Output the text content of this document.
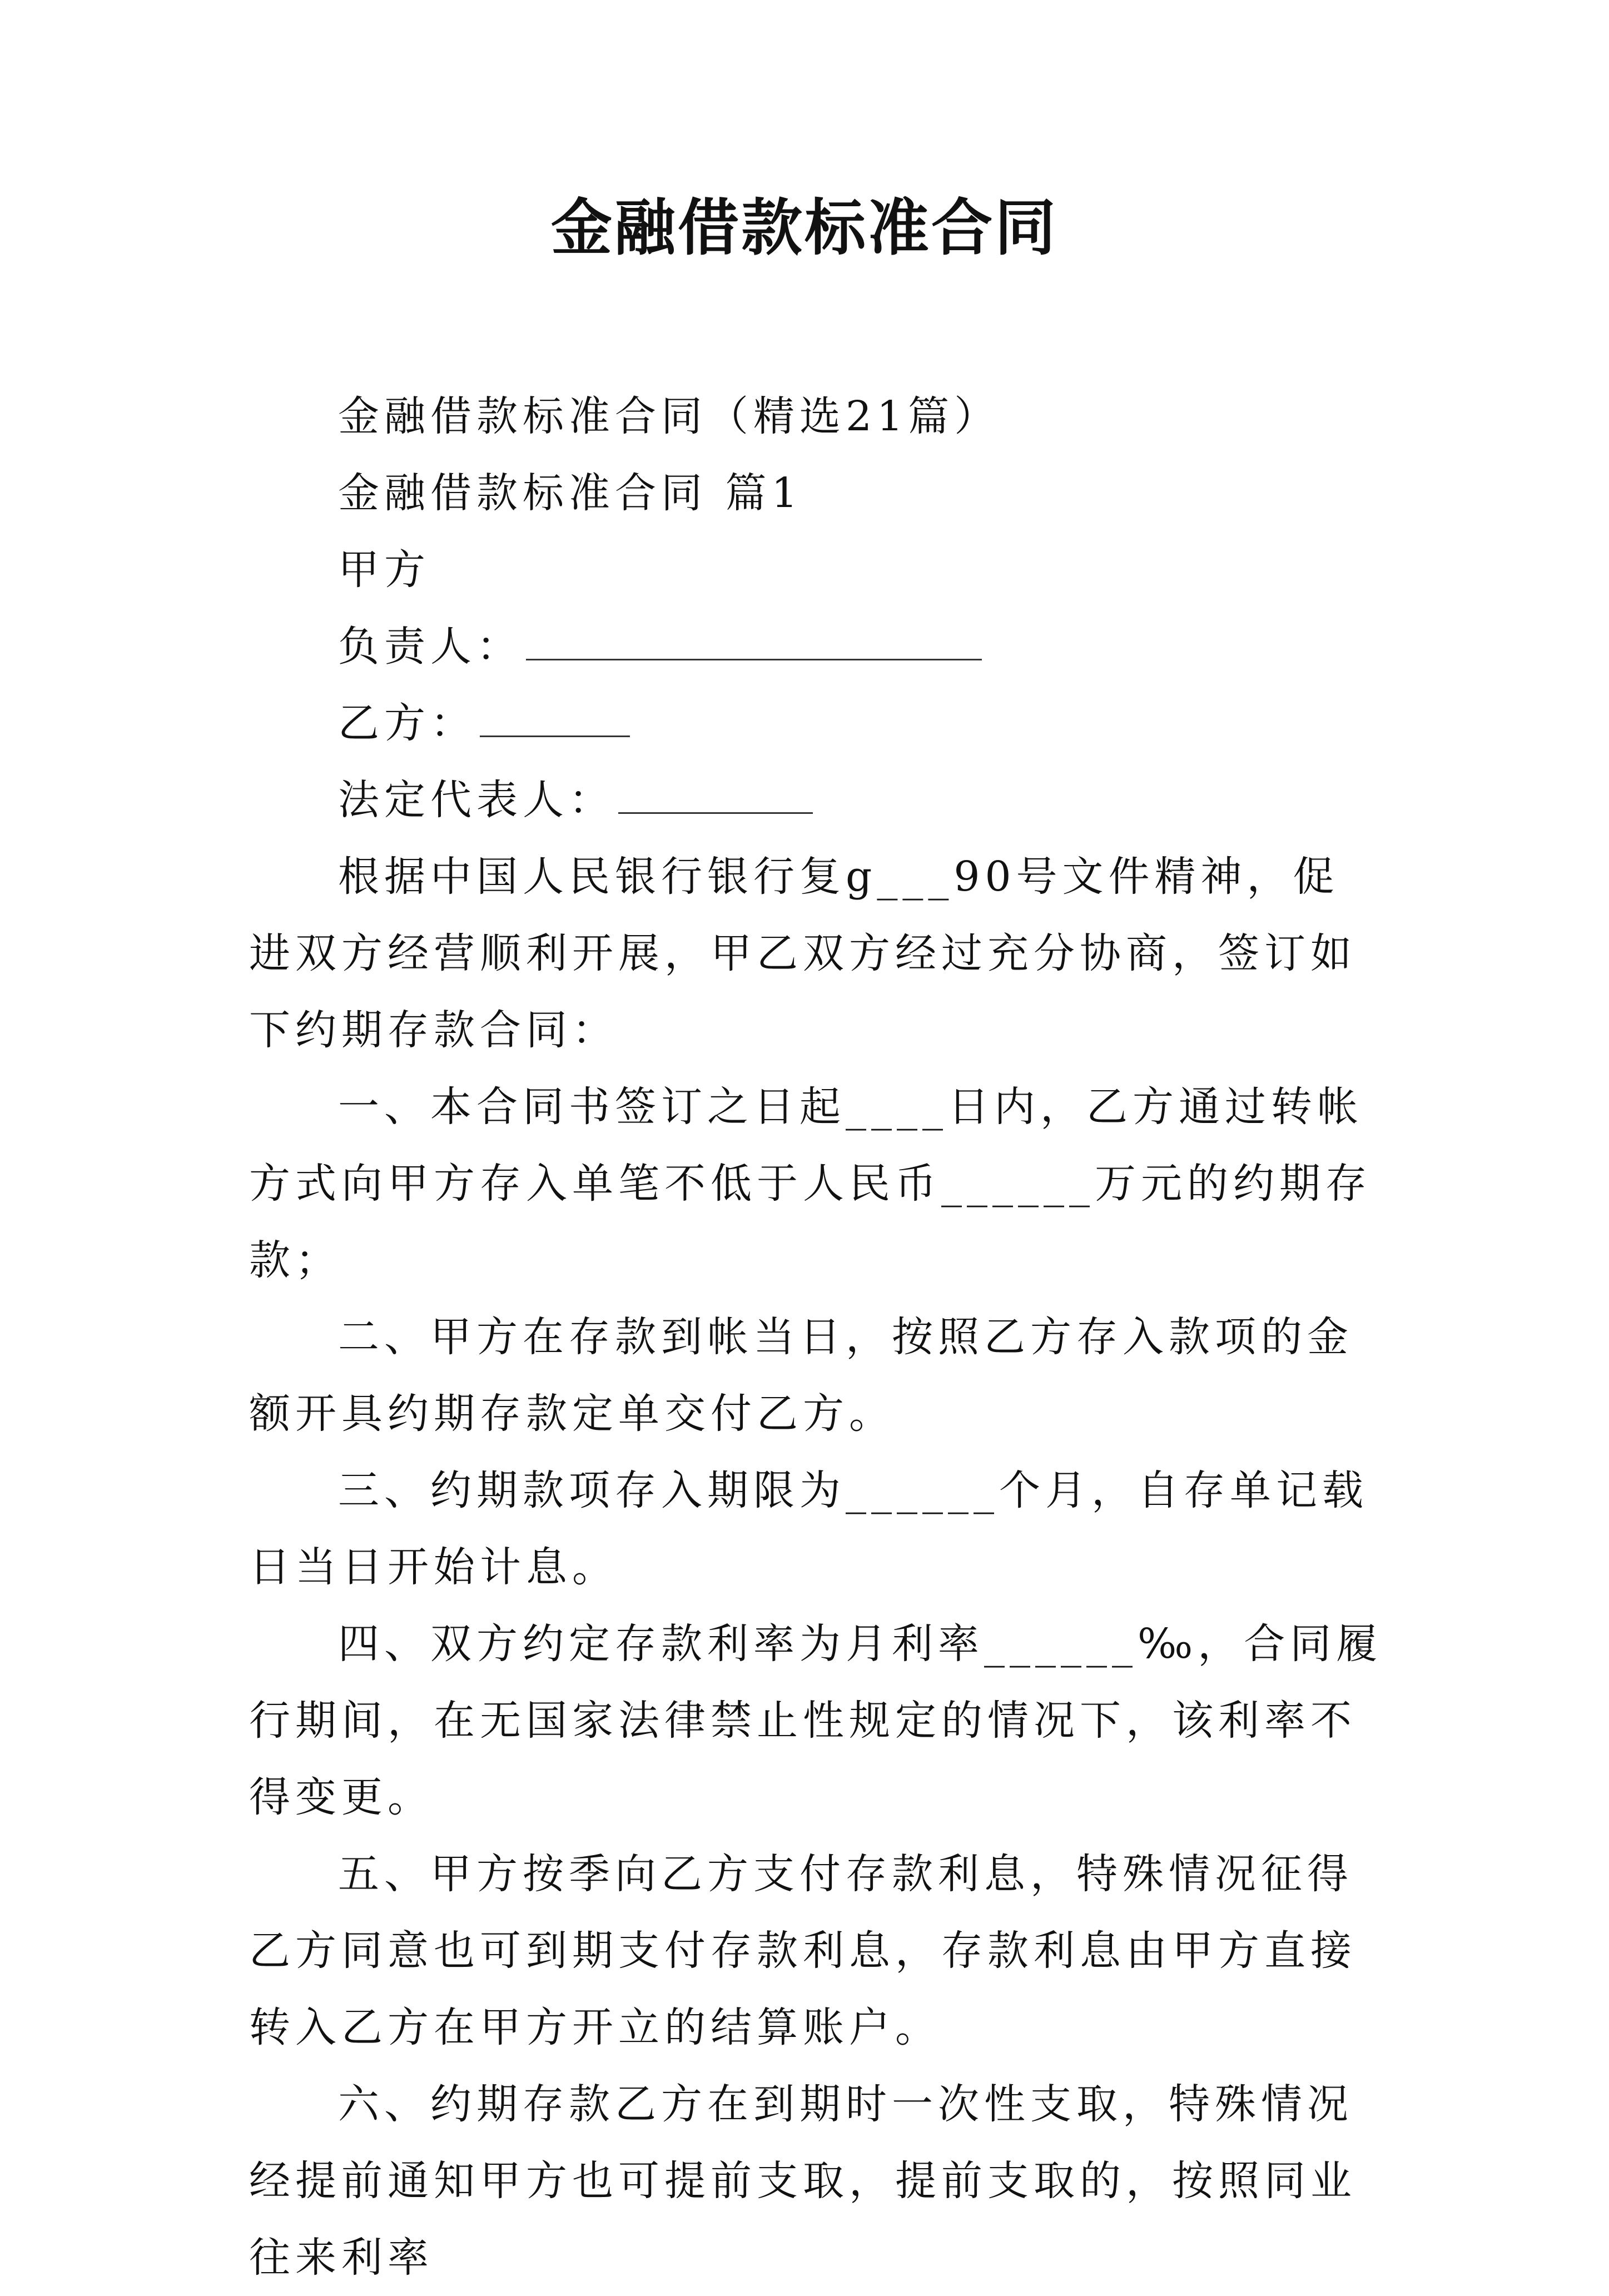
金融借款标准合同

金融借款标准合同（精选21篇）

金融借款标准合同 篇1

甲方

负责人：

乙方：

法定代表人：

根据中国人民银行银行复g___90号文件精神，促进双方经营顺利开展，甲乙双方经过充分协商，签订如下约期存款合同：

一、本合同书签订之日起____日内，乙方通过转帐方式向甲方存入单笔不低于人民币______万元的约期存款；

二、甲方在存款到帐当日，按照乙方存入款项的金额开具约期存款定单交付乙方。

三、约期款项存入期限为______个月，自存单记载日当日开始计息。

四、双方约定存款利率为月利率______‰，合同履行期间，在无国家法律禁止性规定的情况下，该利率不得变更。

五、甲方按季向乙方支付存款利息，特殊情况征得乙方同意也可到期支付存款利息，存款利息由甲方直接转入乙方在甲方开立的结算账户。

六、约期存款乙方在到期时一次性支取，特殊情况经提前通知甲方也可提前支取，提前支取的，按照同业往来利率
